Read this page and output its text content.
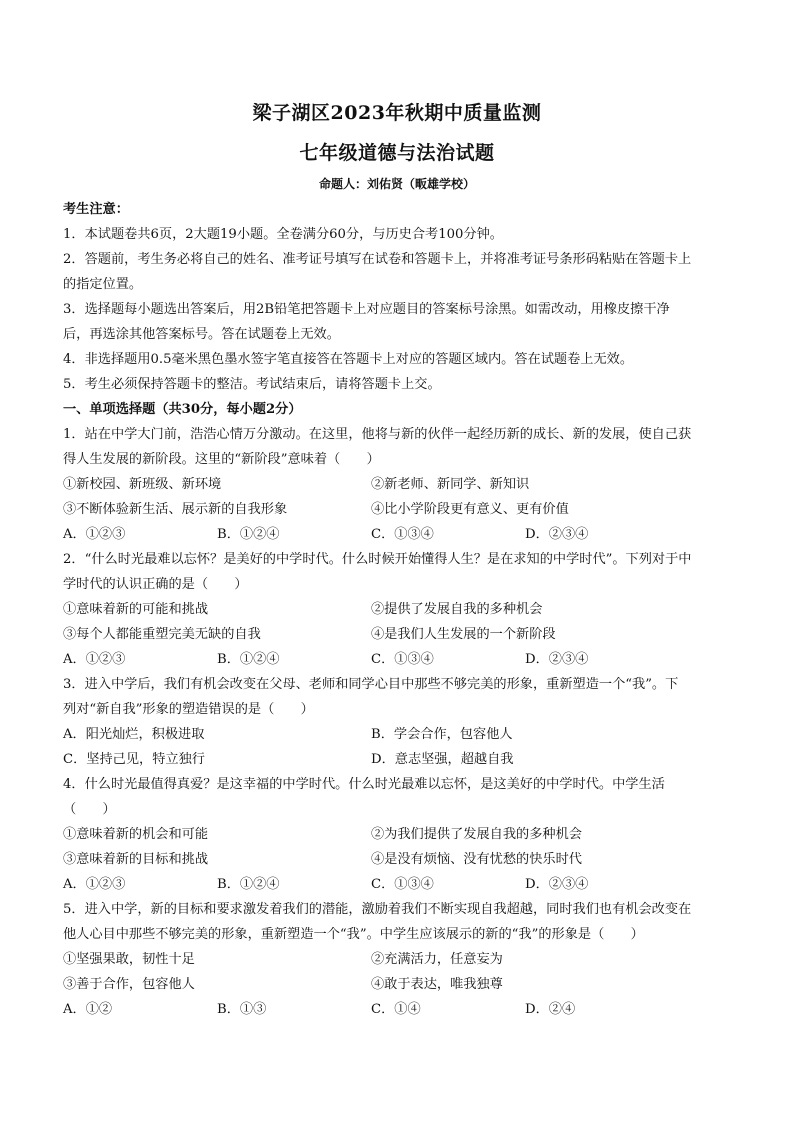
梁子湖区2023年秋期中质量监测
七年级道德与法治试题
命题人：刘佑贤（畈雄学校）
考生注意：
1．本试题卷共6页，2大题19小题。全卷满分60分，与历史合考100分钟。
2．答题前，考生务必将自己的姓名、准考证号填写在试卷和答题卡上，并将准考证号条形码粘贴在答题卡上
的指定位置。
3．选择题每小题选出答案后，用2B铅笔把答题卡上对应题目的答案标号涂黑。如需改动，用橡皮擦干净
后，再选涂其他答案标号。答在试题卷上无效。
4．非选择题用0.5毫米黑色墨水签字笔直接答在答题卡上对应的答题区域内。答在试题卷上无效。
5．考生必须保持答题卡的整洁。考试结束后，请将答题卡上交。
一、单项选择题（共30分，每小题2分）
1．站在中学大门前，浩浩心情万分激动。在这里，他将与新的伙伴一起经历新的成长、新的发展，使自己获
得人生发展的新阶段。这里的“新阶段”意味着（　　）
①新校园、新班级、新环境	②新老师、新同学、新知识
③不断体验新生活、展示新的自我形象	④比小学阶段更有意义、更有价值
A．①②③	B．①②④	C．①③④	D．②③④
2．“什么时光最难以忘怀？是美好的中学时代。什么时候开始懂得人生？是在求知的中学时代”。下列对于中
学时代的认识正确的是（　　）
①意味着新的可能和挑战	②提供了发展自我的多种机会
③每个人都能重塑完美无缺的自我	④是我们人生发展的一个新阶段
A．①②③	B．①②④	C．①③④	D．②③④
3．进入中学后，我们有机会改变在父母、老师和同学心目中那些不够完美的形象，重新塑造一个“我”。下
列对“新自我”形象的塑造错误的是（　　）
A．阳光灿烂，积极进取	B．学会合作，包容他人
C．坚持己见，特立独行	D．意志坚强，超越自我
4．什么时光最值得真爱？是这幸福的中学时代。什么时光最难以忘怀，是这美好的中学时代。中学生活
（　　）
①意味着新的机会和可能	②为我们提供了发展自我的多种机会
③意味着新的目标和挑战	④是没有烦恼、没有忧愁的快乐时代
A．①②③	B．①②④	C．①③④	D．②③④
5．进入中学，新的目标和要求激发着我们的潜能，激励着我们不断实现自我超越，同时我们也有机会改变在
他人心目中那些不够完美的形象，重新塑造一个“我”。中学生应该展示的新的“我”的形象是（　　）
①坚强果敢，韧性十足	②充满活力，任意妄为
③善于合作，包容他人	④敢于表达，唯我独尊
A．①②	B．①③	C．①④	D．②④
